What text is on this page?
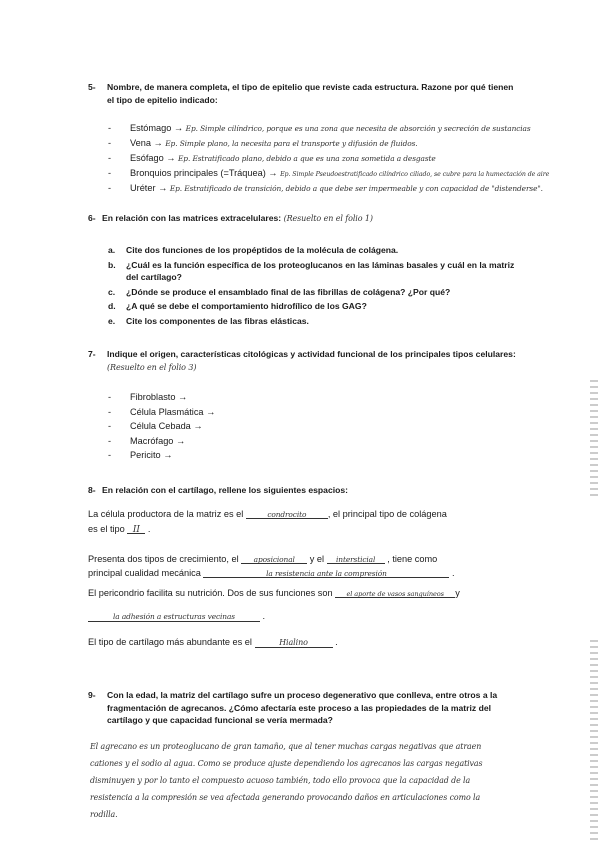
5-	Nombre, de manera completa, el tipo de epitelio que reviste cada estructura. Razone por qué tienen el tipo de epitelio indicado:
- Estómago → Ep. Simple cilíndrico, porque es una zona que necesita de absorción y secreción de sustancias
- Vena → Ep. Simple plano, la necesita para el transporte y difusión de fluidos.
- Esófago → Ep. Estratificado plano, debido a que es una zona sometida a desgaste
- Bronquios principales (=Tráquea) → Ep. Simple Pseudoestratificado cilíndrico ciliado, se cubre para la humectación de aire
- Uréter → Ep. Estratificado de transición, debido a que debe ser impermeable y con capacidad de "distenderse".
6- En relación con las matrices extracelulares: (Resuelto en el folio 1)
a. Cite dos funciones de los propéptidos de la molécula de colágena.
b. ¿Cuál es la función específica de los proteoglucanos en las láminas basales y cuál en la matriz del cartílago?
c. ¿Dónde se produce el ensamblado final de las fibrillas de colágena? ¿Por qué?
d. ¿A qué se debe el comportamiento hidrofílico de los GAG?
e. Cite los componentes de las fibras elásticas.
7-	Indique el origen, características citológicas y actividad funcional de los principales tipos celulares: (Resuelto en el folio 3)
- Fibroblasto →
- Célula Plasmática →
- Célula Cebada →
- Macrófago →
- Pericito →
8- En relación con el cartílago, rellene los siguientes espacios:
La célula productora de la matriz es el	condrocito , el principal tipo de colágena
es el tipo II .
Presenta dos tipos de crecimiento, el aposicional y el intersticial , tiene como
principal cualidad mecánica	la resistencia ante la compresión	.
El pericondrio facilita su nutrición. Dos de sus funciones son el aporte de vasos sanguíneos y
la adhesión a estructuras vecinas	.
El tipo de cartílago más abundante es el	Hialino	.
9-	Con la edad, la matriz del cartílago sufre un proceso degenerativo que conlleva, entre otros a la fragmentación de agrecanos. ¿Cómo afectaría este proceso a las propiedades de la matriz del cartílago y que capacidad funcional se vería mermada?
El agrecano es un proteoglucano de gran tamaño, que al tener muchas cargas negativas que atraen cationes y el sodio al agua. Como se produce ajuste dependiendo los agrecanos las cargas negativas disminuyen y por lo tanto el compuesto acuoso también, todo ello provoca que la capacidad de la resistencia a la compresión se vea afectada generando provocando daños en articulaciones como la rodilla.
